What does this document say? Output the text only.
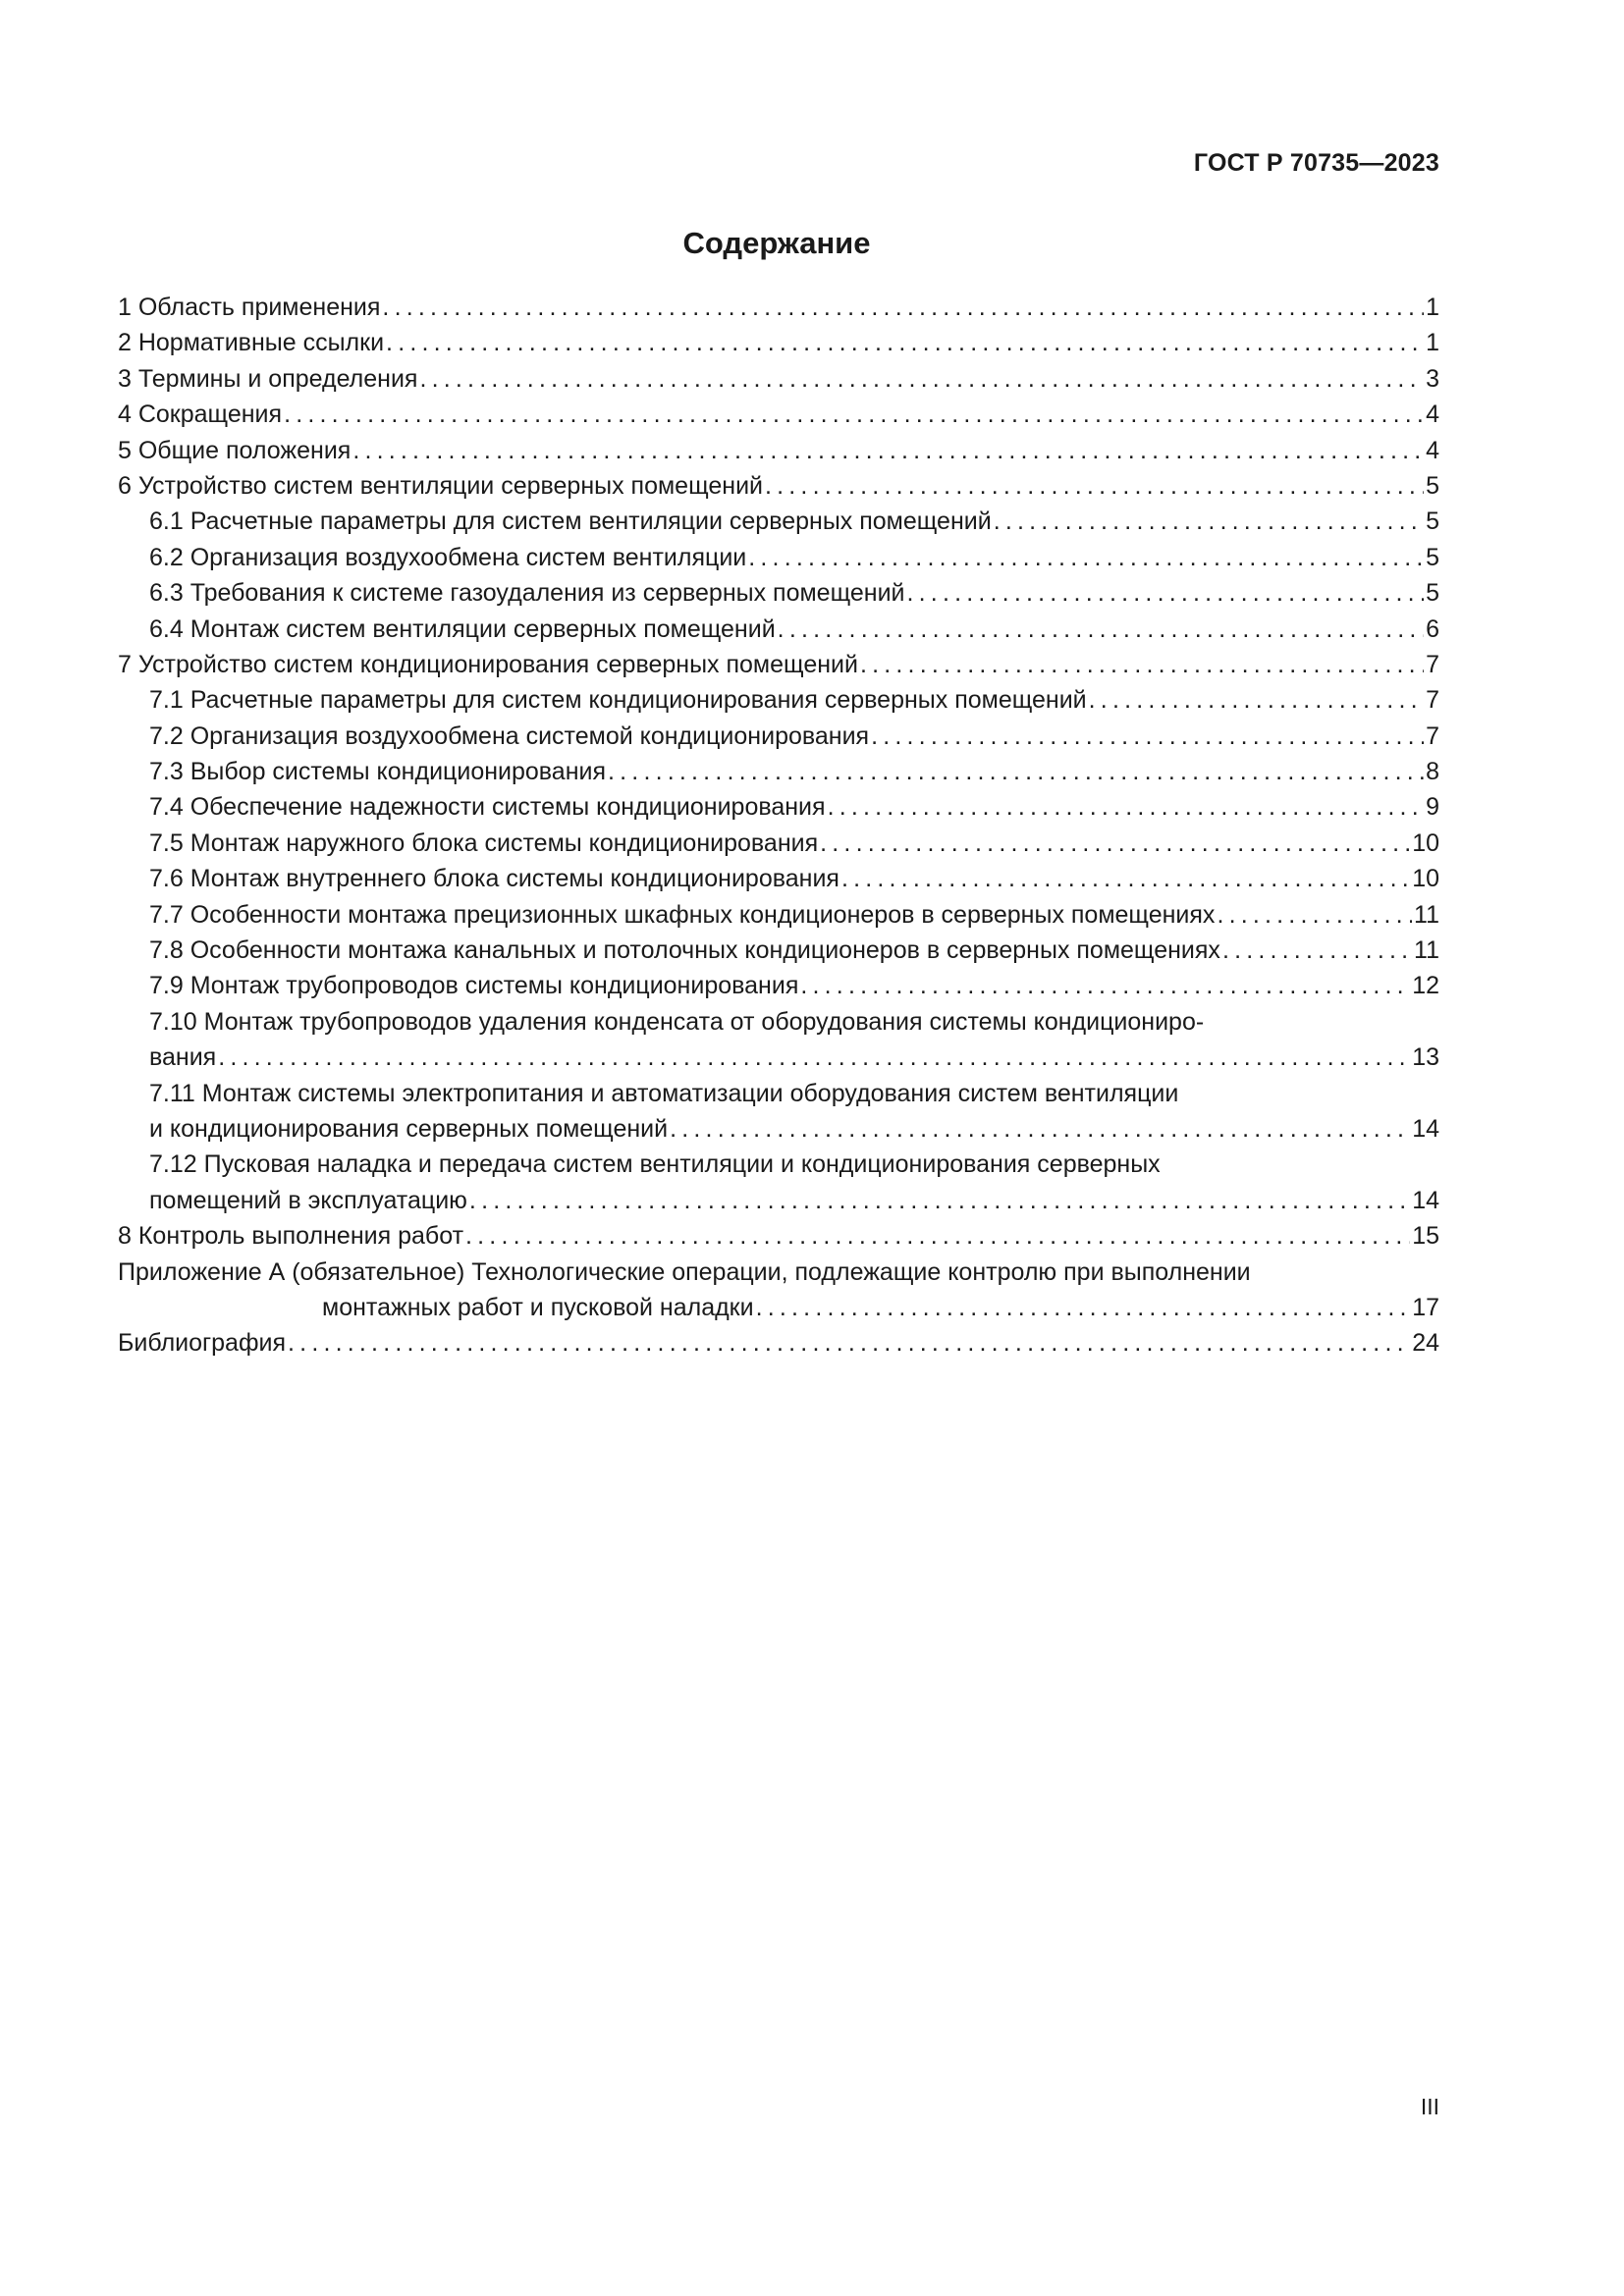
ГОСТ Р 70735—2023
Содержание
1 Область применения .....	1
2 Нормативные ссылки .....	1
3 Термины и определения .....	3
4 Сокращения .....	4
5 Общие положения .....	4
6 Устройство систем вентиляции серверных помещений .....	5
6.1 Расчетные параметры для систем вентиляции серверных помещений .....	5
6.2 Организация воздухообмена систем вентиляции .....	5
6.3 Требования к системе газоудаления из серверных помещений .....	5
6.4 Монтаж систем вентиляции серверных помещений .....	6
7 Устройство систем кондиционирования серверных помещений .....	7
7.1 Расчетные параметры для систем кондиционирования серверных помещений .....	7
7.2 Организация воздухообмена системой кондиционирования .....	7
7.3 Выбор системы кондиционирования .....	8
7.4 Обеспечение надежности системы кондиционирования .....	9
7.5 Монтаж наружного блока системы кондиционирования .....	10
7.6 Монтаж внутреннего блока системы кондиционирования .....	10
7.7 Особенности монтажа прецизионных шкафных кондиционеров в серверных помещениях .....	11
7.8 Особенности монтажа канальных и потолочных кондиционеров в серверных помещениях .....	11
7.9 Монтаж трубопроводов системы кондиционирования .....	12
7.10 Монтаж трубопроводов удаления конденсата от оборудования системы кондициониро-
вания .....	13
7.11 Монтаж системы электропитания и автоматизации оборудования систем вентиляции
и кондиционирования серверных помещений .....	14
7.12 Пусковая наладка и передача систем вентиляции и кондиционирования серверных
помещений в эксплуатацию .....	14
8 Контроль выполнения работ .....	15
Приложение А (обязательное) Технологические операции, подлежащие контролю при выполнении
монтажных работ и пусковой наладки .....	17
Библиография .....	24
III
